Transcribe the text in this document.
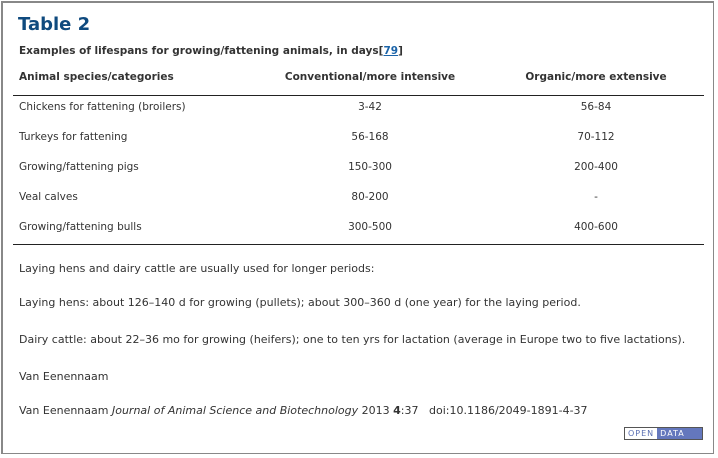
Table 2
Examples of lifespans for growing/fattening animals, in days[79]
Animal species/categories	Conventional/more intensive	Organic/more extensive
Chickens for fattening (broilers)	3-42	56-84
Turkeys for fattening	56-168	70-112
Growing/fattening pigs	150-300	200-400
Veal calves	80-200	-
Growing/fattening bulls	300-500	400-600
Laying hens and dairy cattle are usually used for longer periods:
Laying hens: about 126–140 d for growing (pullets); about 300–360 d (one year) for the laying period.
Dairy cattle: about 22–36 mo for growing (heifers); one to ten yrs for lactation (average in Europe two to five lactations).
Van Eenennaam
Van Eenennaam Journal of Animal Science and Biotechnology 2013 4:37 doi:10.1186/2049-1891-4-37
OPEN DATA
